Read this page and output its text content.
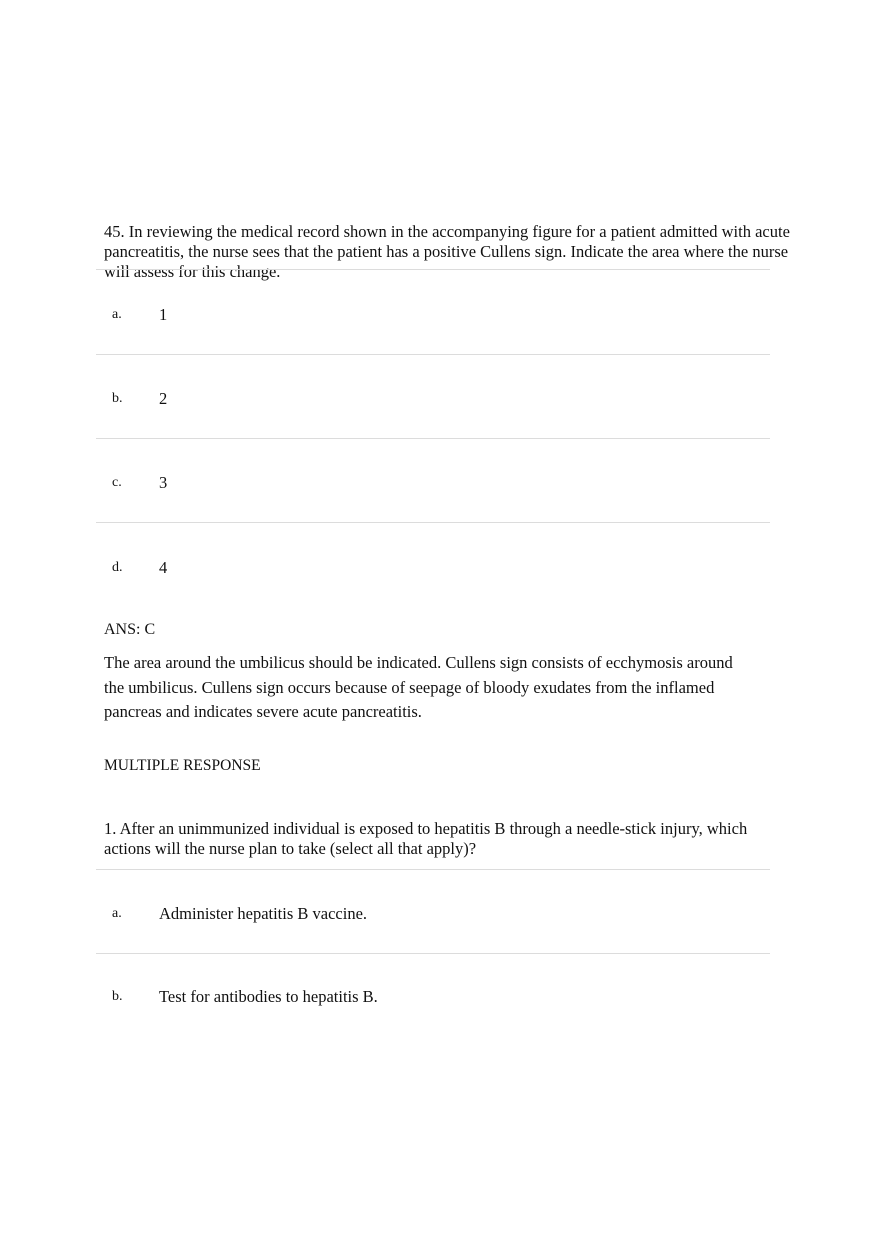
45. In reviewing the medical record shown in the accompanying figure for a patient admitted with acute pancreatitis, the nurse sees that the patient has a positive Cullens sign. Indicate the area where the nurse will assess for this change.

a.	1
b.	2
c.	3
d.	4

ANS: C

The area around the umbilicus should be indicated. Cullens sign consists of ecchymosis around the umbilicus. Cullens sign occurs because of seepage of bloody exudates from the inflamed pancreas and indicates severe acute pancreatitis.

MULTIPLE RESPONSE

1. After an unimmunized individual is exposed to hepatitis B through a needle-stick injury, which actions will the nurse plan to take (select all that apply)?

a.	Administer hepatitis B vaccine.
b.	Test for antibodies to hepatitis B.
